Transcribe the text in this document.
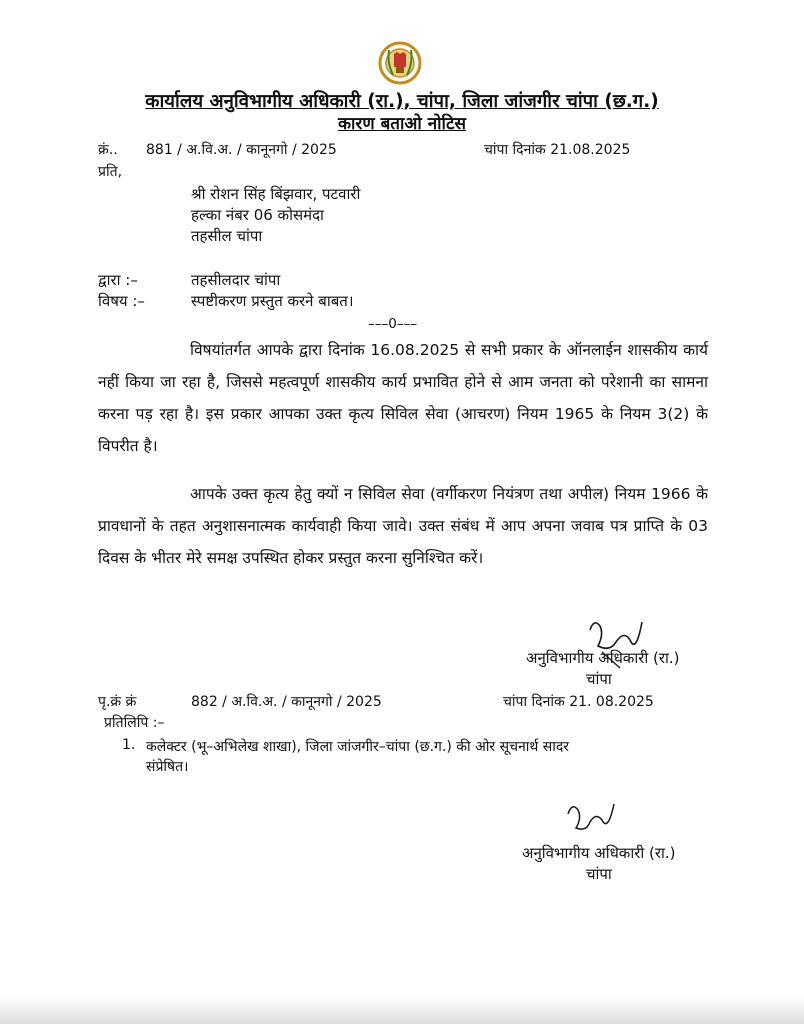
कार्यालय अनुविभागीय अधिकारी (रा.), चांपा, जिला जांजगीर चांपा (छ.ग.)
कारण बताओ नोटिस
क्रं.. 881 / अ.वि.अ. / कानूनगो / 2025	चांपा दिनांक 21.08.2025
प्रति,
श्री रोशन सिंह बिंझवार, पटवारी
हल्का नंबर 06 कोसमंदा
तहसील चांपा
द्वारा :–	तहसीलदार चांपा
विषय :–	स्पष्टीकरण प्रस्तुत करने बाबत।
–––0–––
विषयांतर्गत आपके द्वारा दिनांक 16.08.2025 से सभी प्रकार के ऑनलाईन शासकीय कार्य नहीं किया जा रहा है, जिससे महत्वपूर्ण शासकीय कार्य प्रभावित होने से आम जनता को परेशानी का सामना करना पड़ रहा है। इस प्रकार आपका उक्त कृत्य सिविल सेवा (आचरण) नियम 1965 के नियम 3(2) के विपरीत है।
आपके उक्त कृत्य हेतु क्यों न सिविल सेवा (वर्गीकरण नियंत्रण तथा अपील) नियम 1966 के प्रावधानों के तहत अनुशासनात्मक कार्यवाही किया जावे। उक्त संबंध में आप अपना जवाब पत्र प्राप्ति के 03 दिवस के भीतर मेरे समक्ष उपस्थित होकर प्रस्तुत करना सुनिश्चित करें।
अनुविभागीय अधिकारी (रा.)
चांपा
पृ.क्रं क्रं	882 / अ.वि.अ. / कानूनगो / 2025	चांपा दिनांक 21. 08.2025
प्रतिलिपि :–
1. कलेक्टर (भू–अभिलेख शाखा), जिला जांजगीर–चांपा (छ.ग.) की ओर सूचनार्थ सादर
संप्रेषित।
अनुविभागीय अधिकारी (रा.)
चांपा
